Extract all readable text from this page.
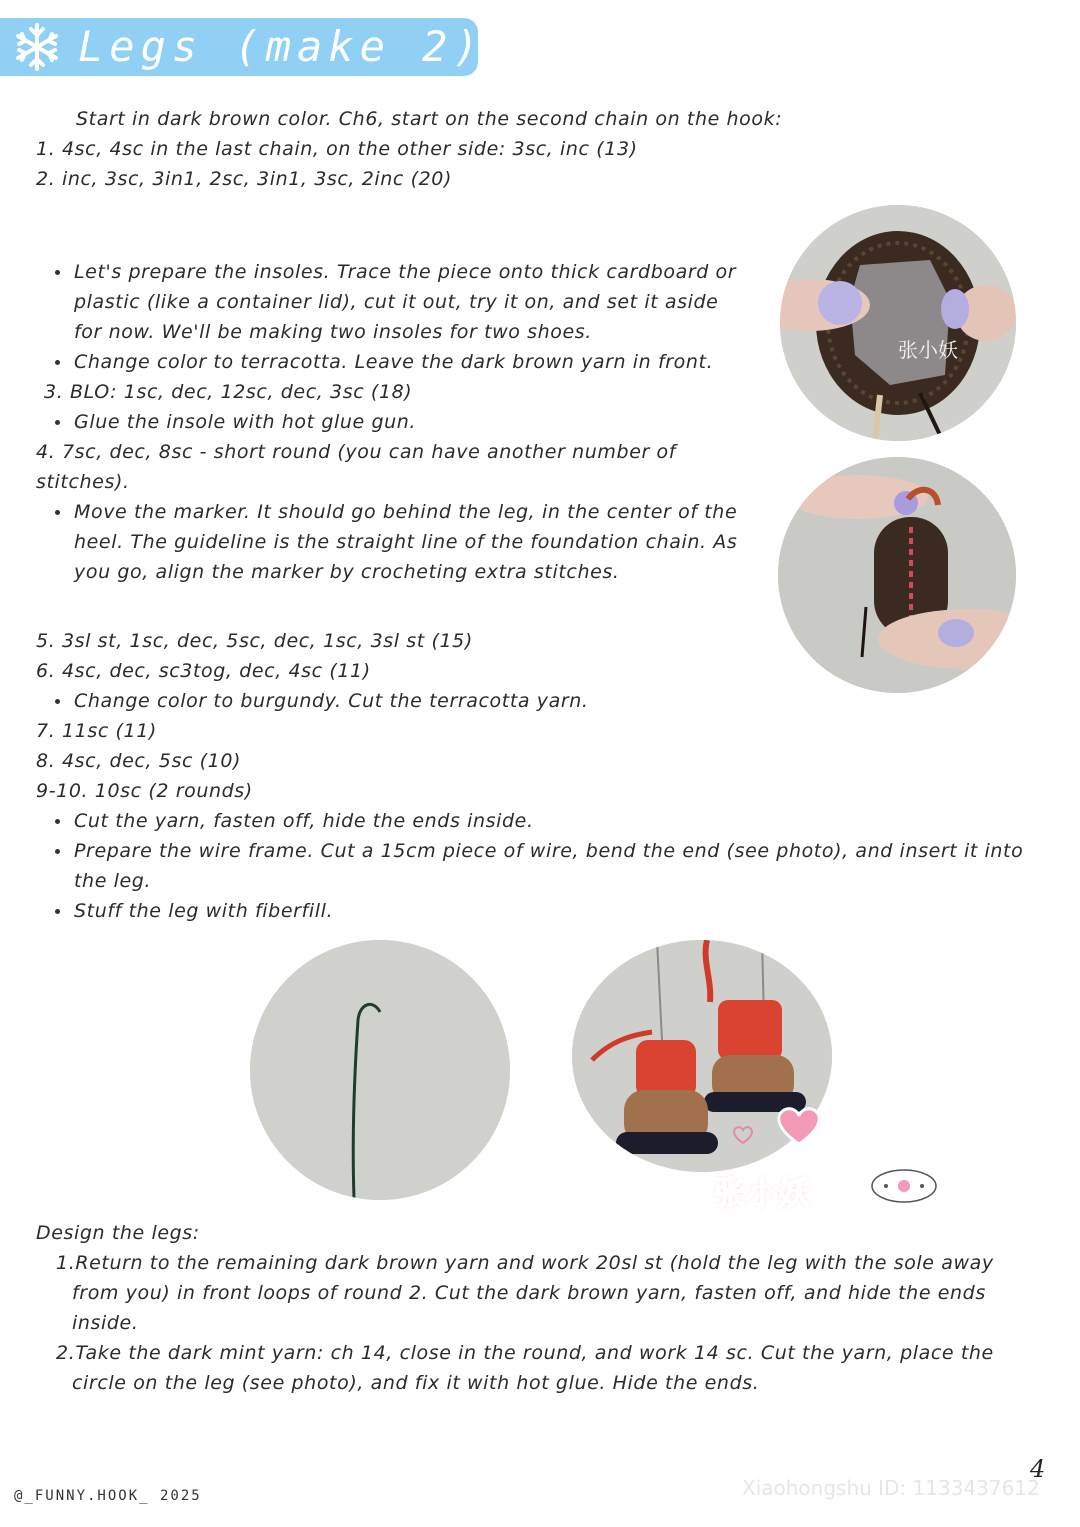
Legs (make 2)
Start in dark brown color. Ch6, start on the second chain on the hook:
1. 4sc, 4sc in the last chain, on the other side: 3sc, inc (13)
2. inc, 3sc, 3in1, 2sc, 3in1, 3sc, 2inc (20)
Let's prepare the insoles. Trace the piece onto thick cardboard or
plastic (like a container lid), cut it out, try it on, and set it aside
for now. We'll be making two insoles for two shoes.
Change color to terracotta. Leave the dark brown yarn in front.
3. BLO: 1sc, dec, 12sc, dec, 3sc (18)
Glue the insole with hot glue gun.
4. 7sc, dec, 8sc - short round (you can have another number of
stitches).
Move the marker. It should go behind the leg, in the center of the
heel. The guideline is the straight line of the foundation chain. As
you go, align the marker by crocheting extra stitches.
5. 3sl st, 1sc, dec, 5sc, dec, 1sc, 3sl st (15)
6. 4sc, dec, sc3tog, dec, 4sc (11)
Change color to burgundy. Cut the terracotta yarn.
7. 11sc (11)
8. 4sc, dec, 5sc (10)
9-10. 10sc (2 rounds)
Cut the yarn, fasten off, hide the ends inside.
Prepare the wire frame. Cut a 15cm piece of wire, bend the end (see photo), and insert it into
the leg.
Stuff the leg with fiberfill.
Design the legs:
1.Return to the remaining dark brown yarn and work 20sl st (hold the leg with the sole away
from you) in front loops of round 2. Cut the dark brown yarn, fasten off, and hide the ends
inside.
2.Take the dark mint yarn: ch 14, close in the round, and work 14 sc. Cut the yarn, place the
circle on the leg (see photo), and fix it with hot glue. Hide the ends.
张小妖
张小妖
@_FUNNY.HOOK_ 2025	Xiaohongshu ID: 1133437612
4
